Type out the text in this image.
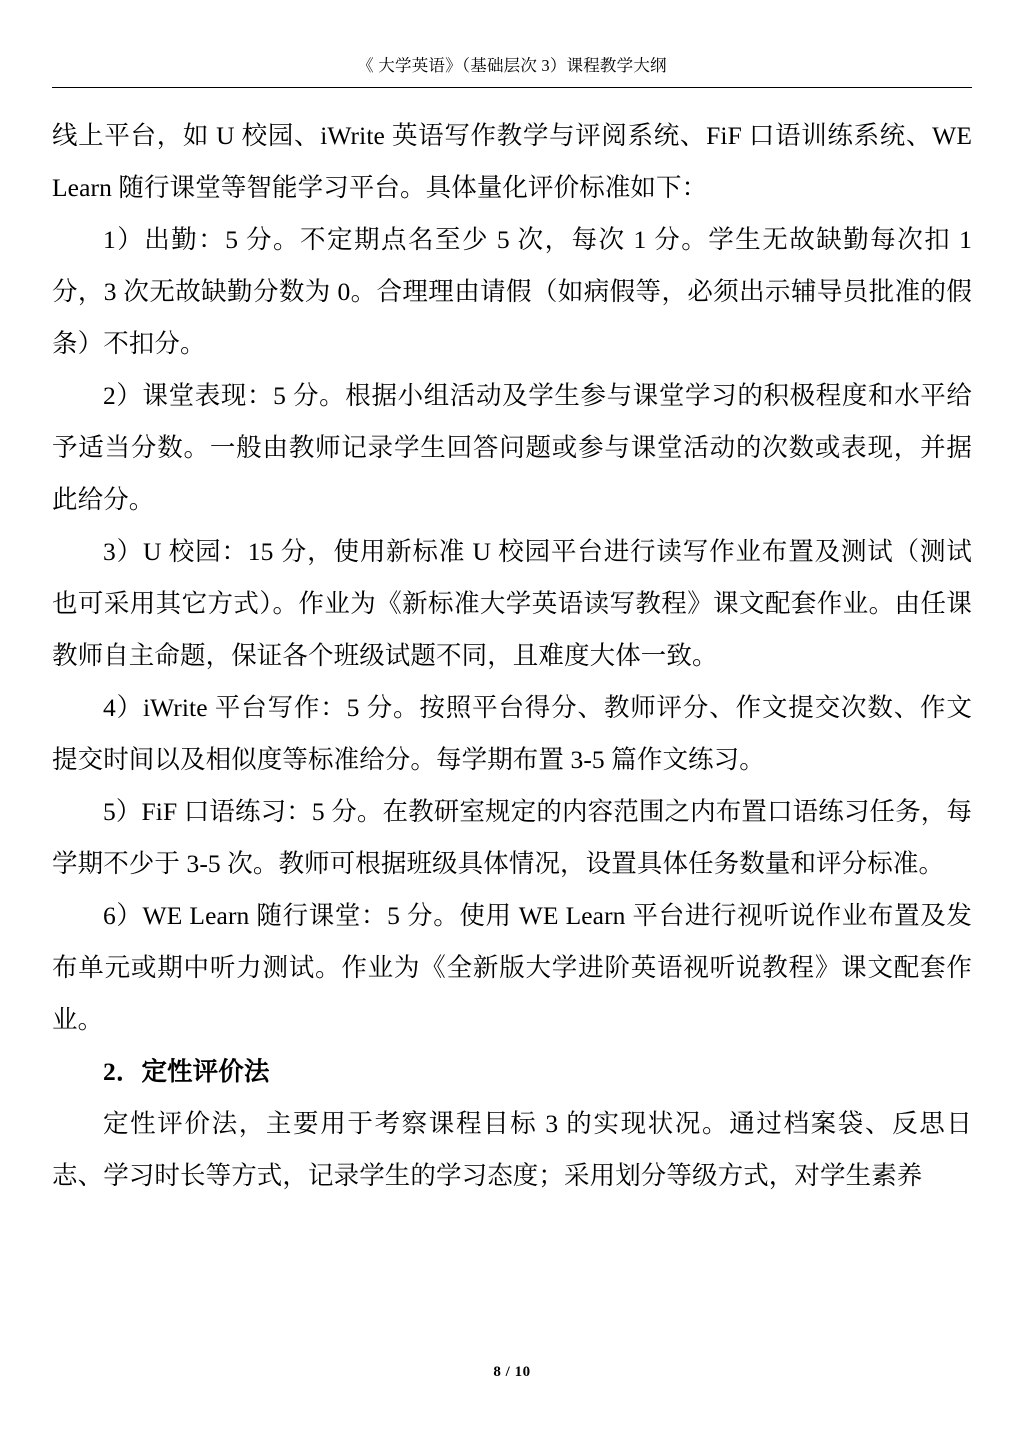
《 大学英语》（基础层次 3）课程教学大纲

线上平台，如 U 校园、iWrite 英语写作教学与评阅系统、FiF 口语训练系统、WE Learn 随行课堂等智能学习平台。具体量化评价标准如下：

1）出勤：5 分。不定期点名至少 5 次，每次 1 分。学生无故缺勤每次扣 1 分，3 次无故缺勤分数为 0。合理理由请假（如病假等，必须出示辅导员批准的假条）不扣分。

2）课堂表现：5 分。根据小组活动及学生参与课堂学习的积极程度和水平给予适当分数。一般由教师记录学生回答问题或参与课堂活动的次数或表现，并据此给分。

3）U 校园：15 分，使用新标准 U 校园平台进行读写作业布置及测试（测试也可采用其它方式）。作业为《新标准大学英语读写教程》课文配套作业。由任课教师自主命题，保证各个班级试题不同，且难度大体一致。

4）iWrite 平台写作：5 分。按照平台得分、教师评分、作文提交次数、作文提交时间以及相似度等标准给分。每学期布置 3-5 篇作文练习。

5）FiF 口语练习：5 分。在教研室规定的内容范围之内布置口语练习任务，每学期不少于 3-5 次。教师可根据班级具体情况，设置具体任务数量和评分标准。

6）WE Learn 随行课堂：5 分。使用 WE Learn 平台进行视听说作业布置及发布单元或期中听力测试。作业为《全新版大学进阶英语视听说教程》课文配套作业。

2．定性评价法

定性评价法，主要用于考察课程目标 3 的实现状况。通过档案袋、反思日志、学习时长等方式，记录学生的学习态度；采用划分等级方式，对学生素养

8 / 10
